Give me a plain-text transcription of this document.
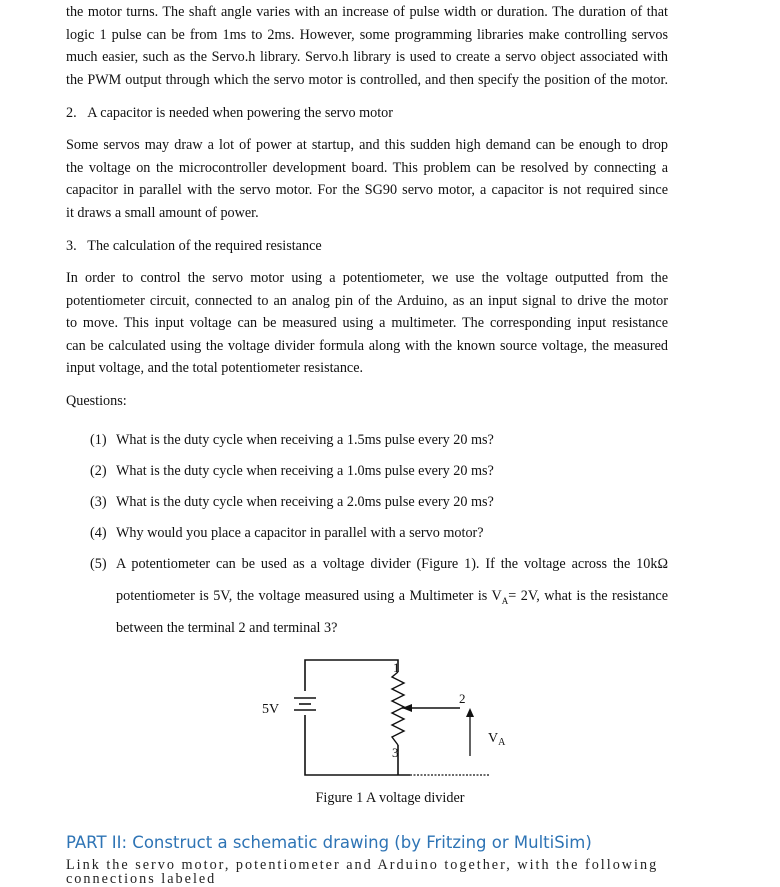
the motor turns. The shaft angle varies with an increase of pulse width or duration. The duration of that
logic 1 pulse can be from 1ms to 2ms. However, some programming libraries make controlling servos
much easier, such as the Servo.h library. Servo.h library is used to create a servo object associated with
the PWM output through which the servo motor is controlled, and then specify the position of the motor.

2. A capacitor is needed when powering the servo motor

Some servos may draw a lot of power at startup, and this sudden high demand can be enough to drop
the voltage on the microcontroller development board. This problem can be resolved by connecting a
capacitor in parallel with the servo motor. For the SG90 servo motor, a capacitor is not required since
it draws a small amount of power.

3. The calculation of the required resistance

In order to control the servo motor using a potentiometer, we use the voltage outputted from the
potentiometer circuit, connected to an analog pin of the Arduino, as an input signal to drive the motor
to move. This input voltage can be measured using a multimeter. The corresponding input resistance
can be calculated using the voltage divider formula along with the known source voltage, the measured
input voltage, and the total potentiometer resistance.

Questions:

(1) What is the duty cycle when receiving a 1.5ms pulse every 20 ms?

(2) What is the duty cycle when receiving a 1.0ms pulse every 20 ms?

(3) What is the duty cycle when receiving a 2.0ms pulse every 20 ms?

(4) Why would you place a capacitor in parallel with a servo motor?

(5) A potentiometer can be used as a voltage divider (Figure 1). If the voltage across the 10kΩ

potentiometer is 5V, the voltage measured using a Multimeter is $V_A= 2V$, what is the resistance

between the terminal 2 and terminal 3?

5V
1
2
3
$V_A$

Figure 1 A voltage divider

PART II: Construct a schematic drawing (by Fritzing or MultiSim)

Link the servo motor, potentiometer and Arduino together, with the following connections labeled
